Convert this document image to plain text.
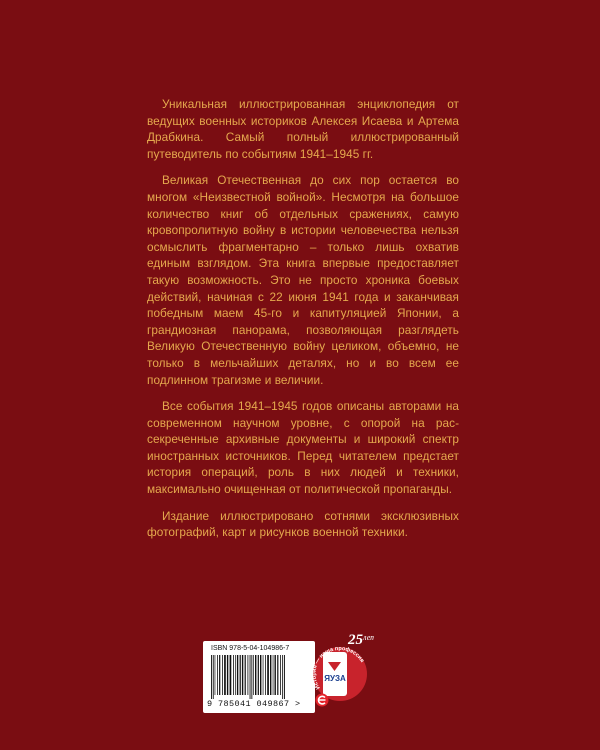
Уникальная иллюстрированная энциклопедия от ведущих военных историков Алексея Исаева и Артема Драбкина. Самый полный иллюстрированный путеводитель по событиям 1941–1945 гг.

Великая Отечественная до сих пор остается во многом «Неизвестной войной». Несмотря на большое количество книг об отдельных сражениях, самую кровопролитную войну в истории человечества нельзя осмыслить фрагментарно – только лишь охватив единым взглядом. Эта книга впервые предоставляет такую возможность. Это не просто хроника боевых действий, начиная с 22 июня 1941 года и заканчивая победным маем 45-го и капитуляцией Японии, а грандиозная панорама, позволяющая разглядеть Великую Отечественную войну целиком, объемно, не только в мельчайших деталях, но и во всем ее подлинном трагизме и величии.

Все события 1941–1945 годов описаны авторами на современном научном уровне, с опорой на рассекреченные архивные документы и широкий спектр иностранных источников. Перед читателем предстает история операций, роль в них людей и техники, максимально очищенная от политической пропаганды.

Издание иллюстрировано сотнями эксклюзивных фотографий, карт и рисунков военной техники.

ISBN 978-5-04-104986-7
9 785041 049867 >
История — наша профессия
25 ле
ЯУЗА
